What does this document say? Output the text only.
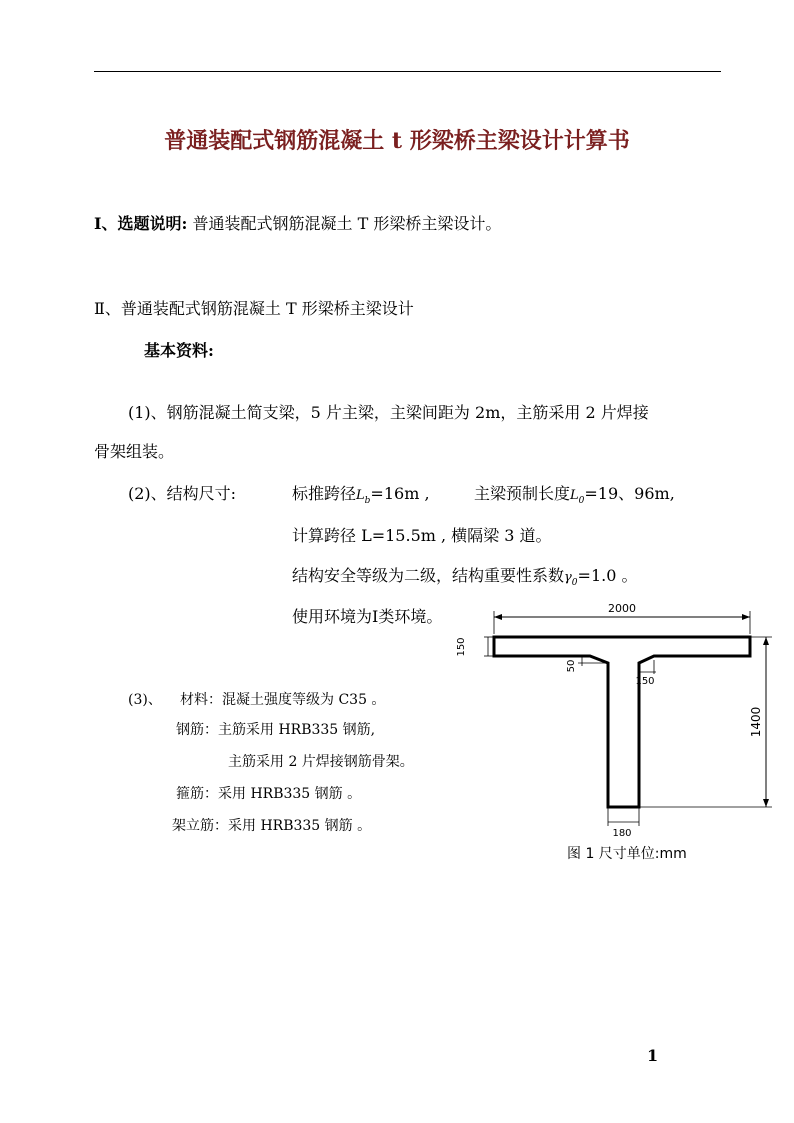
普通装配式钢筋混凝土 t 形梁桥主梁设计计算书
Ⅰ、选题说明: 普通装配式钢筋混凝土 T 形梁桥主梁设计。
Ⅱ、普通装配式钢筋混凝土 T 形梁桥主梁设计
基本资料:
(1)、钢筋混凝土简支梁，5 片主梁，主梁间距为 2m，主筋采用 2 片焊接
骨架组装。
(2)、结构尺寸:	标推跨径$L_b=16m$ ,	主梁预制长度$L_0=19$、96m,
计算跨径 L=15.5m , 横隔梁 3 道。
结构安全等级为二级，结构重要性系数$\gamma_0=1.0$ 。
使用环境为Ⅰ类环境。
(3)、 材料：混凝土强度等级为 C35 。
钢筋：主筋采用 HRB335 钢筋,
主筋采用 2 片焊接钢筋骨架。
箍筋：采用 HRB335 钢筋 。
架立筋：采用 HRB335 钢筋 。
2000
150
50
150
1400
180
图 1 尺寸单位:mm
1
